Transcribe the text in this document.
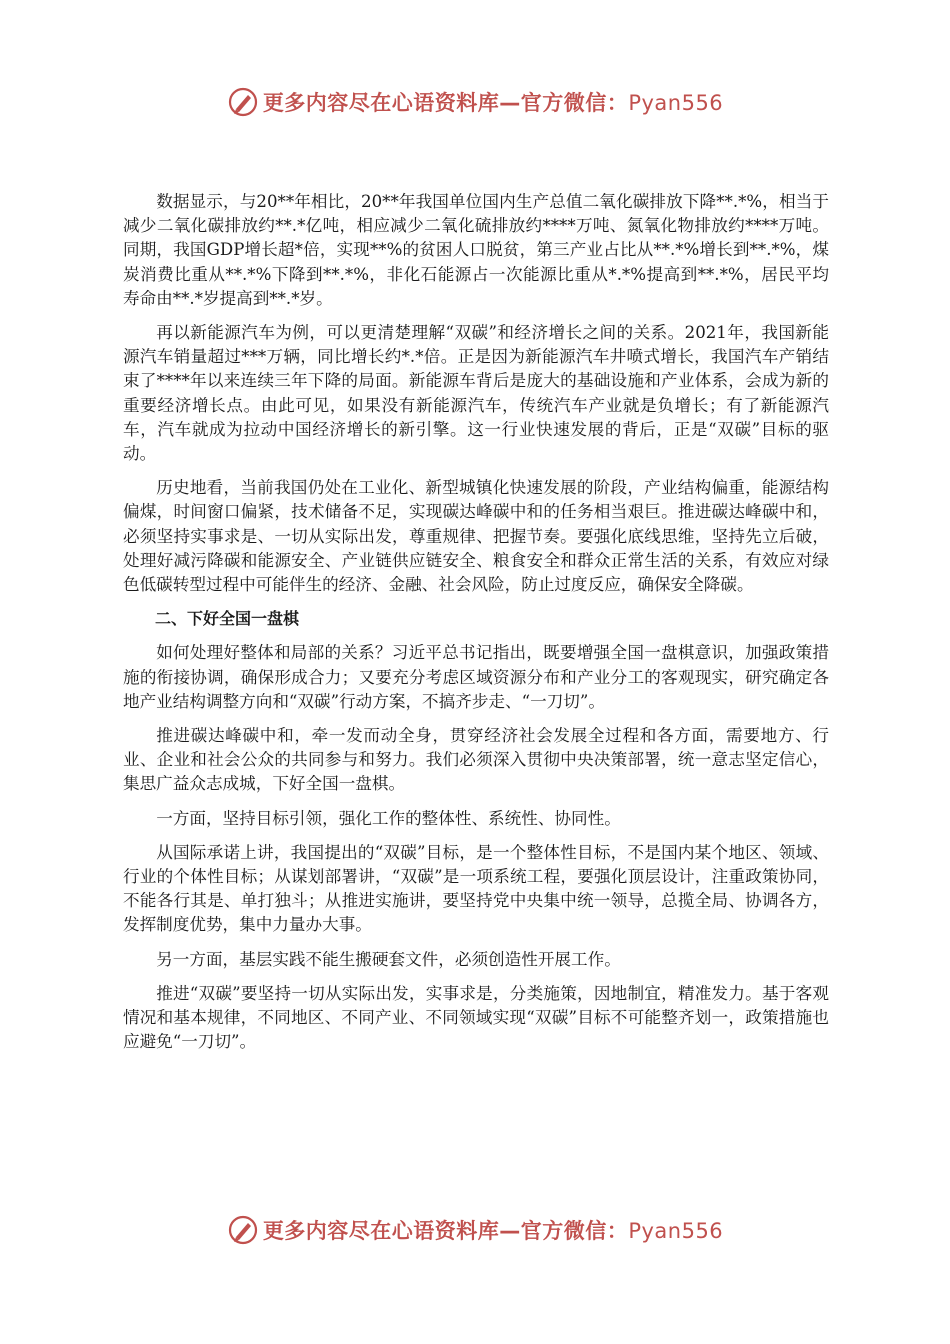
更多内容尽在心语资料库—官方微信：Pyan556

数据显示，与20**年相比，20**年我国单位国内生产总值二氧化碳排放下降**.*%，相当于减少二氧化碳排放约**.*亿吨，相应减少二氧化硫排放约****万吨、氮氧化物排放约****万吨。同期，我国GDP增长超*倍，实现**%的贫困人口脱贫，第三产业占比从**.*%增长到**.*%，煤炭消费比重从**.*%下降到**.*%，非化石能源占一次能源比重从*.*%提高到**.*%，居民平均寿命由**.*岁提高到**.*岁。

再以新能源汽车为例，可以更清楚理解“双碳”和经济增长之间的关系。2021年，我国新能源汽车销量超过***万辆，同比增长约*.*倍。正是因为新能源汽车井喷式增长，我国汽车产销结束了****年以来连续三年下降的局面。新能源车背后是庞大的基础设施和产业体系，会成为新的重要经济增长点。由此可见，如果没有新能源汽车，传统汽车产业就是负增长；有了新能源汽车，汽车就成为拉动中国经济增长的新引擎。这一行业快速发展的背后，正是“双碳”目标的驱动。

历史地看，当前我国仍处在工业化、新型城镇化快速发展的阶段，产业结构偏重，能源结构偏煤，时间窗口偏紧，技术储备不足，实现碳达峰碳中和的任务相当艰巨。推进碳达峰碳中和，必须坚持实事求是、一切从实际出发，尊重规律、把握节奏。要强化底线思维，坚持先立后破，处理好减污降碳和能源安全、产业链供应链安全、粮食安全和群众正常生活的关系，有效应对绿色低碳转型过程中可能伴生的经济、金融、社会风险，防止过度反应，确保安全降碳。

二、下好全国一盘棋

如何处理好整体和局部的关系？习近平总书记指出，既要增强全国一盘棋意识，加强政策措施的衔接协调，确保形成合力；又要充分考虑区域资源分布和产业分工的客观现实，研究确定各地产业结构调整方向和“双碳”行动方案，不搞齐步走、“一刀切”。

推进碳达峰碳中和，牵一发而动全身，贯穿经济社会发展全过程和各方面，需要地方、行业、企业和社会公众的共同参与和努力。我们必须深入贯彻中央决策部署，统一意志坚定信心，集思广益众志成城，下好全国一盘棋。

一方面，坚持目标引领，强化工作的整体性、系统性、协同性。

从国际承诺上讲，我国提出的“双碳”目标，是一个整体性目标，不是国内某个地区、领域、行业的个体性目标；从谋划部署讲，“双碳”是一项系统工程，要强化顶层设计，注重政策协同，不能各行其是、单打独斗；从推进实施讲，要坚持党中央集中统一领导，总揽全局、协调各方，发挥制度优势，集中力量办大事。

另一方面，基层实践不能生搬硬套文件，必须创造性开展工作。

推进“双碳”要坚持一切从实际出发，实事求是，分类施策，因地制宜，精准发力。基于客观情况和基本规律，不同地区、不同产业、不同领域实现“双碳”目标不可能整齐划一，政策措施也应避免“一刀切”。

更多内容尽在心语资料库—官方微信：Pyan556
